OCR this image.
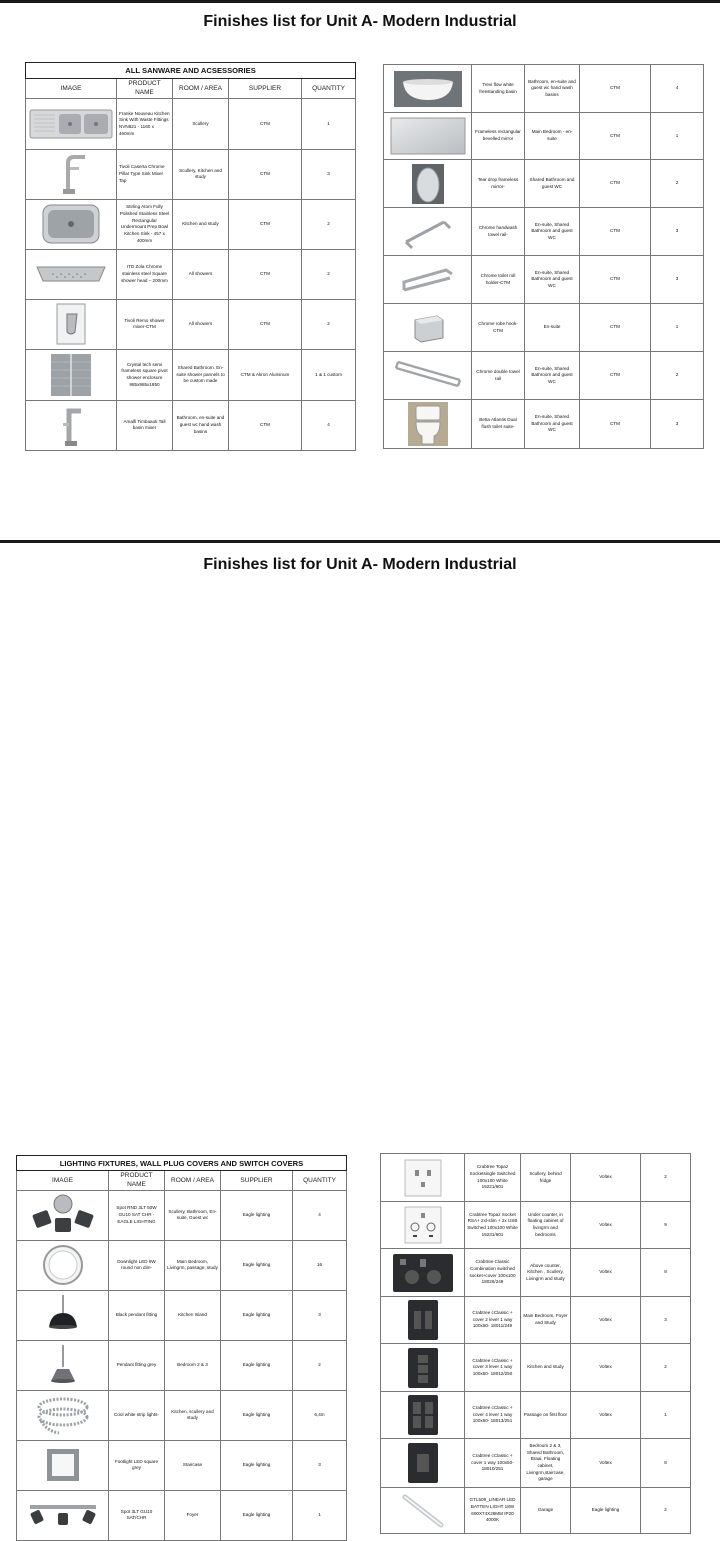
Finishes list for Unit A- Modern Industrial
ALL SANWARE AND ACSESSORIES				
IMAGE	PRODUCT NAME	ROOM / AREA	SUPPLIER	QUANTITY

	Franke Nouveau Kitchen Sink With Waste Fittings NVN621 - 1160 x 460mm	Scullery	CTM	1

	Tivoli Caserta Chrome Pillar Type Sink Mixer Tap	Scullery, Kitchen and study	CTM	3

	Stirling Atom Fully Polished Stainless Steel Rectangular Undermount Prep Bowl Kitchen Sink - 457 x 400mm	Kitchen and study	CTM	2

	ITD Zola Chrome stainless steel Square shower head – 200mm	All showers	CTM	2

	Tivoli Remo shower mixer-CTM	All showers	CTM	2

	Crystal tech semi frameless square pivot shower enclosure 985x985x1850	Shared Bathroom. En-suite shower pannels to be custom made	CTM & Akron Aluminum	1 & 1 custom

	Amalfi Timbaauti Tall basin mixer	Bathroom, en-suite and guest wc hand wash basins	CTM	4
	Trevi flow white freestanding basin	Bathroom, en-suite and guest wc hand wash basins	CTM	4

	Frameless rectangular bevelled mirror	Main Bedroom - en-suite	CTM	1

	Tear drop frameless mirror-	Shared Bathroom and guest WC	CTM	2

	Chrome handwash towel rail-	En-suite, Shared Bathroom and guest WC	CTM	3

	Chrome toilet roll holder-CTM	En-suite, Shared Bathroom and guest WC	CTM	3

	Chrome robe hook-CTM	En-suite	CTM	1

	Chrome double towel rail	En-suite, Shared Bathroom and guest WC	CTM	2

	Betta Atlantis Dual flush toilet suite-	En-suite, Shared Bathroom and guest WC	CTM	3
Finishes list for Unit A- Modern Industrial
LIGHTING FIXTURES, WALL PLUG COVERS AND SWITCH COVERS				
IMAGE	PRODUCT NAME	ROOM / AREA	SUPPLIER	QUANTITY

	Spot RND 3LT 50W GU10 SAT CHR - EAGLE LIGHTING	Scullery, Bathroom, En-suite, Guest wc	Eagle lighting	4

	Downlight LED 9W round non dim-	Main Bedroom, Livingrm, passage, study	Eagle lighting	16

	Black pendant fitting	Kitchen Island	Eagle lighting	3

	Pendant fitting grey	Bedroom 2 & 3	Eagle lighting	2

	Cool white strip lights-	Kitchen, scullery and study	Eagle lighting	6,4m

	Footlight LED square grey	Staircase	Eagle lighting	3

	Spot 3LT GU10 SAT/CHR	Foyer	Eagle lighting	1
	Crabtree Topaz Socketsingle Switched 100x100 White 15221/601	Scullery, behind fridge	Voltex	2

	Crabtree Topaz Socket RSA+ 2xl-slim + 2x USB Switched 100x100 White 15231/601	Under counter, in floating cabinet of livingrm and bedrooms	Voltex	9

	Crabtree Classic Combination switched socket+cover 100x100 18026/249	Above counter, Kitchen , Scullery, Livingrm and study	Voltex	8

	Crabtree cClassic + cover 2 lever 1 way 100x50- 18011/249	Main Bedroom, Foyer and Study	Voltex	3

	Crabtree cClassic + cover 3 lever 1 way 100x50- 18012/250	Kitchen and study	Voltex	2

	Crabtree cClassic + cover 4 lever 1 way 100x50- 18013/251	Passage on first floor	Voltex	1

	Crabtree cClassic + cover 1 way 100x50- 18010/251	Bedroom 2 & 3, Shared Bathroom, Braai, Floating cabinet, Livingrm,staircase, garage	Voltex	8

	GTL509_LINEAR LED BATTEN LIGHT 18W 600X74X26MM IP20 4000K	Garage	Eagle lighting	2
